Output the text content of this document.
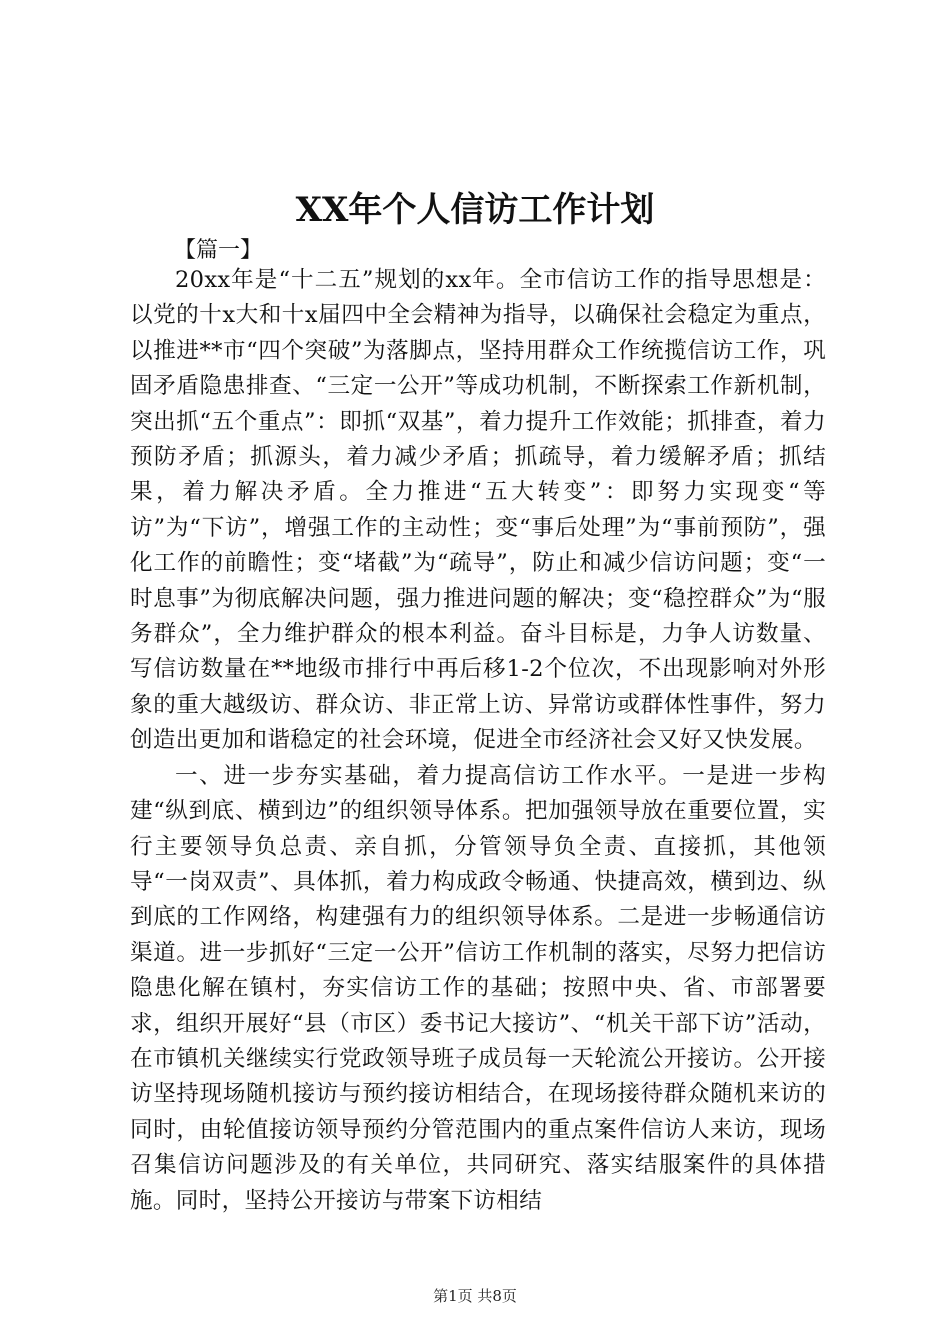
XX年个人信访工作计划
【篇一】

20xx年是“十二五”规划的xx年。全市信访工作的指导思想是：以党的十x大和十x届四中全会精神为指导，以确保社会稳定为重点，以推进**市“四个突破”为落脚点，坚持用群众工作统揽信访工作，巩固矛盾隐患排查、“三定一公开”等成功机制，不断探索工作新机制，突出抓“五个重点”：即抓“双基”，着力提升工作效能；抓排查，着力预防矛盾；抓源头，着力减少矛盾；抓疏导，着力缓解矛盾；抓结果，着力解决矛盾。全力推进“五大转变”：即努力实现变“等访”为“下访”，增强工作的主动性；变“事后处理”为“事前预防”，强化工作的前瞻性；变“堵截”为“疏导”，防止和减少信访问题；变“一时息事”为彻底解决问题，强力推进问题的解决；变“稳控群众”为“服务群众”，全力维护群众的根本利益。奋斗目标是，力争人访数量、写信访数量在**地级市排行中再后移1-2个位次，不出现影响对外形象的重大越级访、群众访、非正常上访、异常访或群体性事件，努力创造出更加和谐稳定的社会环境，促进全市经济社会又好又快发展。

一、进一步夯实基础，着力提高信访工作水平。一是进一步构建“纵到底、横到边”的组织领导体系。把加强领导放在重要位置，实行主要领导负总责、亲自抓，分管领导负全责、直接抓，其他领导“一岗双责”、具体抓，着力构成政令畅通、快捷高效，横到边、纵到底的工作网络，构建强有力的组织领导体系。二是进一步畅通信访渠道。进一步抓好“三定一公开”信访工作机制的落实，尽努力把信访隐患化解在镇村，夯实信访工作的基础；按照中央、省、市部署要求，组织开展好“县（市区）委书记大接访”、“机关干部下访”活动，在市镇机关继续实行党政领导班子成员每一天轮流公开接访。公开接访坚持现场随机接访与预约接访相结合，在现场接待群众随机来访的同时，由轮值接访领导预约分管范围内的重点案件信访人来访，现场召集信访问题涉及的有关单位，共同研究、落实结服案件的具体措施。同时，坚持公开接访与带案下访相结

第1页 共8页
